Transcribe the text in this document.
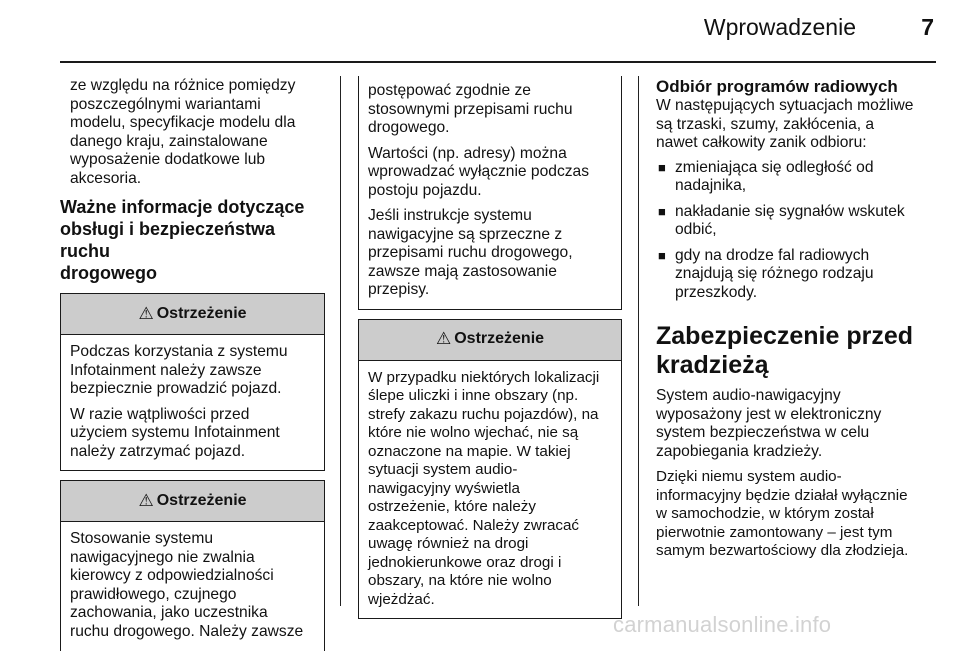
Wprowadzenie	7
ze względu na różnice pomiędzy
poszczególnymi wariantami
modelu, specyfikacje modelu dla
danego kraju, zainstalowane
wyposażenie dodatkowe lub
akcesoria.
Ważne informacje dotyczące
obsługi i bezpieczeństwa ruchu
drogowego
⚠ Ostrzeżenie
Podczas korzystania z systemu
Infotainment należy zawsze
bezpiecznie prowadzić pojazd.
W razie wątpliwości przed
użyciem systemu Infotainment
należy zatrzymać pojazd.
⚠ Ostrzeżenie
Stosowanie systemu
nawigacyjnego nie zwalnia
kierowcy z odpowiedzialności
prawidłowego, czujnego
zachowania, jako uczestnika
ruchu drogowego. Należy zawsze
postępować zgodnie ze
stosownymi przepisami ruchu
drogowego.
Wartości (np. adresy) można
wprowadzać wyłącznie podczas
postoju pojazdu.
Jeśli instrukcje systemu
nawigacyjne są sprzeczne z
przepisami ruchu drogowego,
zawsze mają zastosowanie
przepisy.
⚠ Ostrzeżenie
W przypadku niektórych lokalizacji
ślepe uliczki i inne obszary (np.
strefy zakazu ruchu pojazdów), na
które nie wolno wjechać, nie są
oznaczone na mapie. W takiej
sytuacji system audio-
nawigacyjny wyświetla
ostrzeżenie, które należy
zaakceptować. Należy zwracać
uwagę również na drogi
jednokierunkowe oraz drogi i
obszary, na które nie wolno
wjeżdżać.
Odbiór programów radiowych
W następujących sytuacjach możliwe
są trzaski, szumy, zakłócenia, a
nawet całkowity zanik odbioru:
■ zmieniająca się odległość od
nadajnika,
■ nakładanie się sygnałów wskutek
odbić,
■ gdy na drodze fal radiowych
znajdują się różnego rodzaju
przeszkody.
Zabezpieczenie przed
kradzieżą
System audio-nawigacyjny
wyposażony jest w elektroniczny
system bezpieczeństwa w celu
zapobiegania kradzieży.
Dzięki niemu system audio-
informacyjny będzie działał wyłącznie
w samochodzie, w którym został
pierwotnie zamontowany – jest tym
samym bezwartościowy dla złodzieja.
carmanualsonline.info
